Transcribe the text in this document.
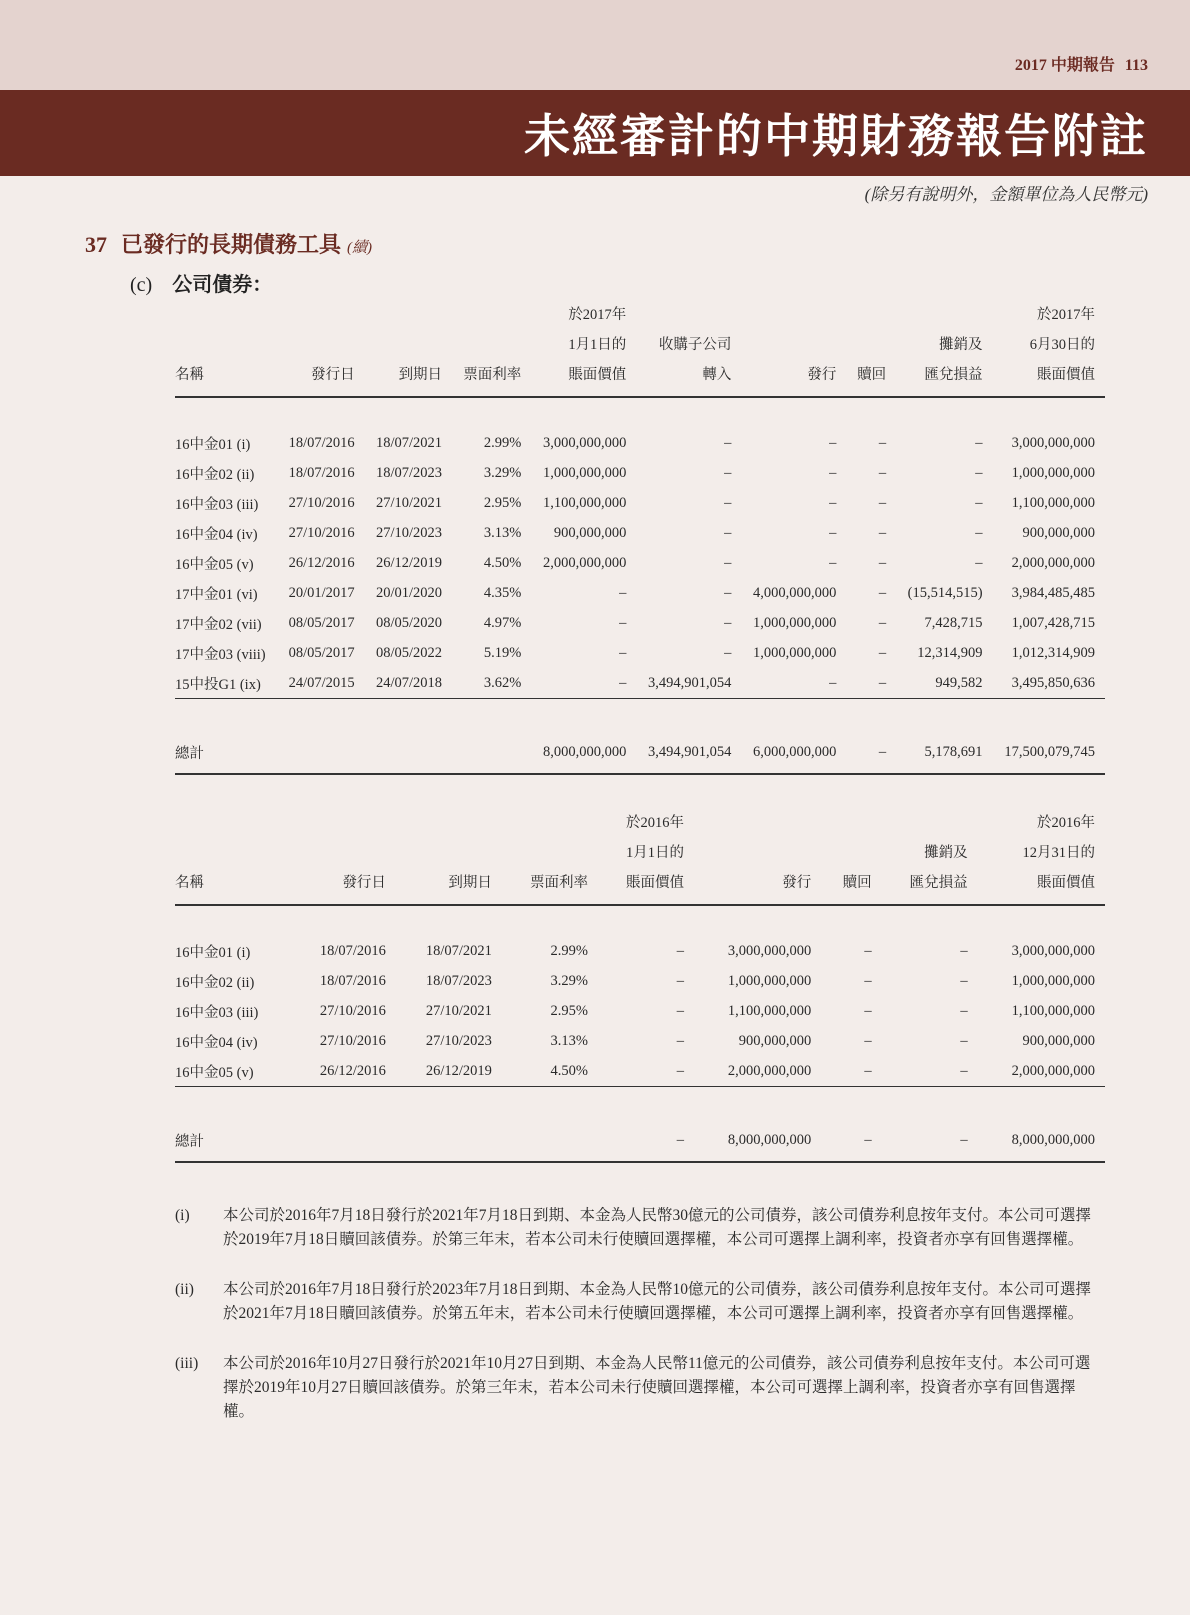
2017 中期報告 113
未經審計的中期財務報告附註
(除另有說明外，金額單位為人民幣元)
37 已發行的長期債務工具 (續)
(c) 公司債券：
				於2017年					於2017年
				1月1日的	收購子公司			攤銷及	6月30日的
名稱	發行日	到期日	票面利率	賬面價值	轉入	發行	贖回	匯兌損益	賬面價值

16中金01 (i)	18/07/2016	18/07/2021	2.99%	3,000,000,000	–	–	–	–	3,000,000,000
16中金02 (ii)	18/07/2016	18/07/2023	3.29%	1,000,000,000	–	–	–	–	1,000,000,000
16中金03 (iii)	27/10/2016	27/10/2021	2.95%	1,100,000,000	–	–	–	–	1,100,000,000
16中金04 (iv)	27/10/2016	27/10/2023	3.13%	900,000,000	–	–	–	–	900,000,000
16中金05 (v)	26/12/2016	26/12/2019	4.50%	2,000,000,000	–	–	–	–	2,000,000,000
17中金01 (vi)	20/01/2017	20/01/2020	4.35%	–	–	4,000,000,000	–	(15,514,515)	3,984,485,485
17中金02 (vii)	08/05/2017	08/05/2020	4.97%	–	–	1,000,000,000	–	7,428,715	1,007,428,715
17中金03 (viii)	08/05/2017	08/05/2022	5.19%	–	–	1,000,000,000	–	12,314,909	1,012,314,909
15中投G1 (ix)	24/07/2015	24/07/2018	3.62%	–	3,494,901,054	–	–	949,582	3,495,850,636

總計				8,000,000,000	3,494,901,054	6,000,000,000	–	5,178,691	17,500,079,745
				於2016年				於2016年
				1月1日的			攤銷及	12月31日的
名稱	發行日	到期日	票面利率	賬面價值	發行	贖回	匯兌損益	賬面價值

16中金01 (i)	18/07/2016	18/07/2021	2.99%	–	3,000,000,000	–	–	3,000,000,000
16中金02 (ii)	18/07/2016	18/07/2023	3.29%	–	1,000,000,000	–	–	1,000,000,000
16中金03 (iii)	27/10/2016	27/10/2021	2.95%	–	1,100,000,000	–	–	1,100,000,000
16中金04 (iv)	27/10/2016	27/10/2023	3.13%	–	900,000,000	–	–	900,000,000
16中金05 (v)	26/12/2016	26/12/2019	4.50%	–	2,000,000,000	–	–	2,000,000,000

總計				–	8,000,000,000	–	–	8,000,000,000
(i)	本公司於2016年7月18日發行於2021年7月18日到期、本金為人民幣30億元的公司債券，該公司債券利息按年支付。本公司可選擇於2019年7月18日贖回該債券。於第三年末，若本公司未行使贖回選擇權，本公司可選擇上調利率，投資者亦享有回售選擇權。
(ii)	本公司於2016年7月18日發行於2023年7月18日到期、本金為人民幣10億元的公司債券，該公司債券利息按年支付。本公司可選擇於2021年7月18日贖回該債券。於第五年末，若本公司未行使贖回選擇權，本公司可選擇上調利率，投資者亦享有回售選擇權。
(iii)	本公司於2016年10月27日發行於2021年10月27日到期、本金為人民幣11億元的公司債券，該公司債券利息按年支付。本公司可選擇於2019年10月27日贖回該債券。於第三年末，若本公司未行使贖回選擇權，本公司可選擇上調利率，投資者亦享有回售選擇權。
